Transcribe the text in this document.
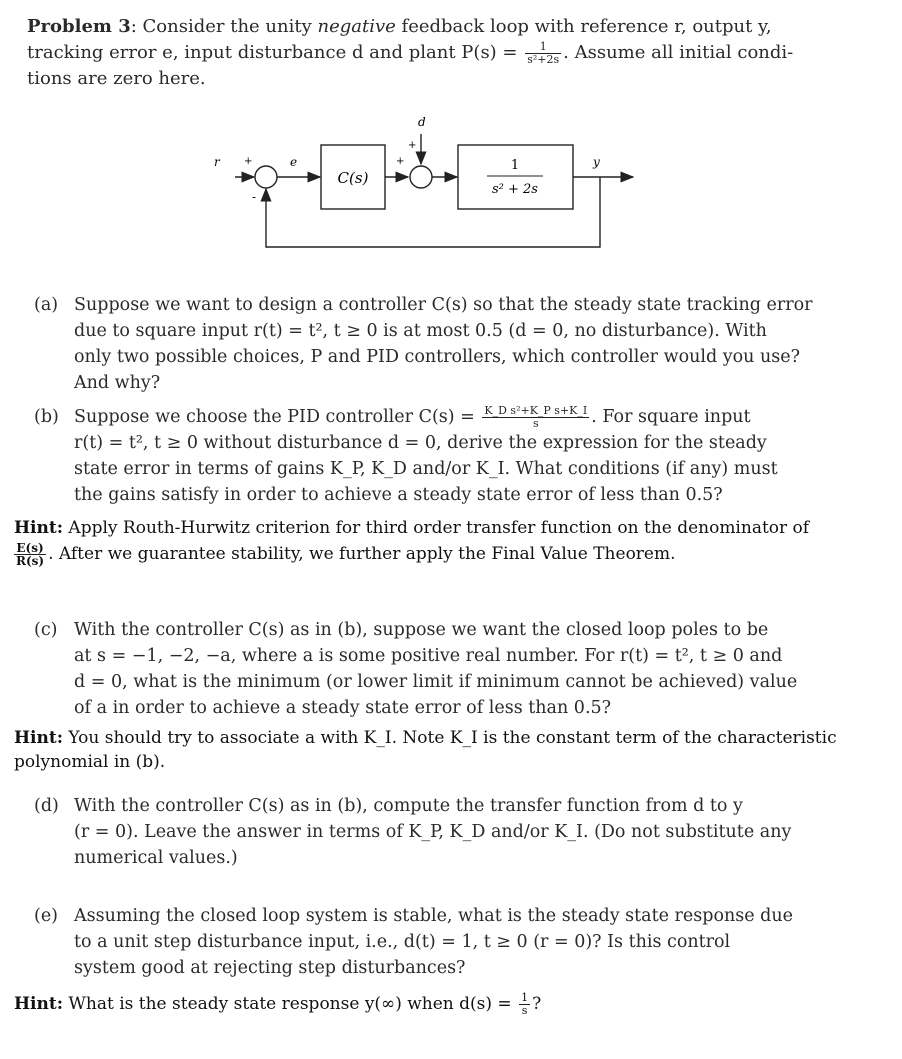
Problem 3: Consider the unity negative feedback loop with reference r, output y,
tracking error e, input disturbance d and plant $P(s) = \frac{1}{\text{s²+2s}}$ . Assume all initial condi-
tions are zero here.
r +
-
e
C(s)
+
d
+
1
s² + 2s
y
(a) Suppose we want to design a controller C(s) so that the steady state tracking error
due to square input r(t) = t², t ≥ 0 is at most 0.5 (d = 0, no disturbance). With
only two possible choices, P and PID controllers, which controller would you use?
And why?
(b) Suppose we choose the PID controller $C(s) = \frac{\text{K\_D s²+K\_P s+K\_I}}{s}$ . For square input
r(t) = t², t ≥ 0 without disturbance d = 0, derive the expression for the steady
state error in terms of gains K_P, K_D and/or K_I. What conditions (if any) must
the gains satisfy in order to achieve a steady state error of less than 0.5?
Hint: Apply Routh-Hurwitz criterion for third order transfer function on the denominator of
$\frac{E(s)}{R(s)}$ . After we guarantee stability, we further apply the Final Value Theorem.
(c) With the controller C(s) as in (b), suppose we want the closed loop poles to be
at s = −1, −2, −a, where a is some positive real number. For r(t) = t², t ≥ 0 and
d = 0, what is the minimum (or lower limit if minimum cannot be achieved) value
of a in order to achieve a steady state error of less than 0.5?
Hint: You should try to associate a with K_I. Note K_I is the constant term of the characteristic
polynomial in (b).
(d) With the controller C(s) as in (b), compute the transfer function from d to y
(r = 0). Leave the answer in terms of K_P, K_D and/or K_I. (Do not substitute any
numerical values.)
(e) Assuming the closed loop system is stable, what is the steady state response due
to a unit step disturbance input, i.e., d(t) = 1, t ≥ 0 (r = 0)? Is this control
system good at rejecting step disturbances?
Hint: What is the steady state response y(∞) when $d(s) = \frac{1}{s}$ ?
